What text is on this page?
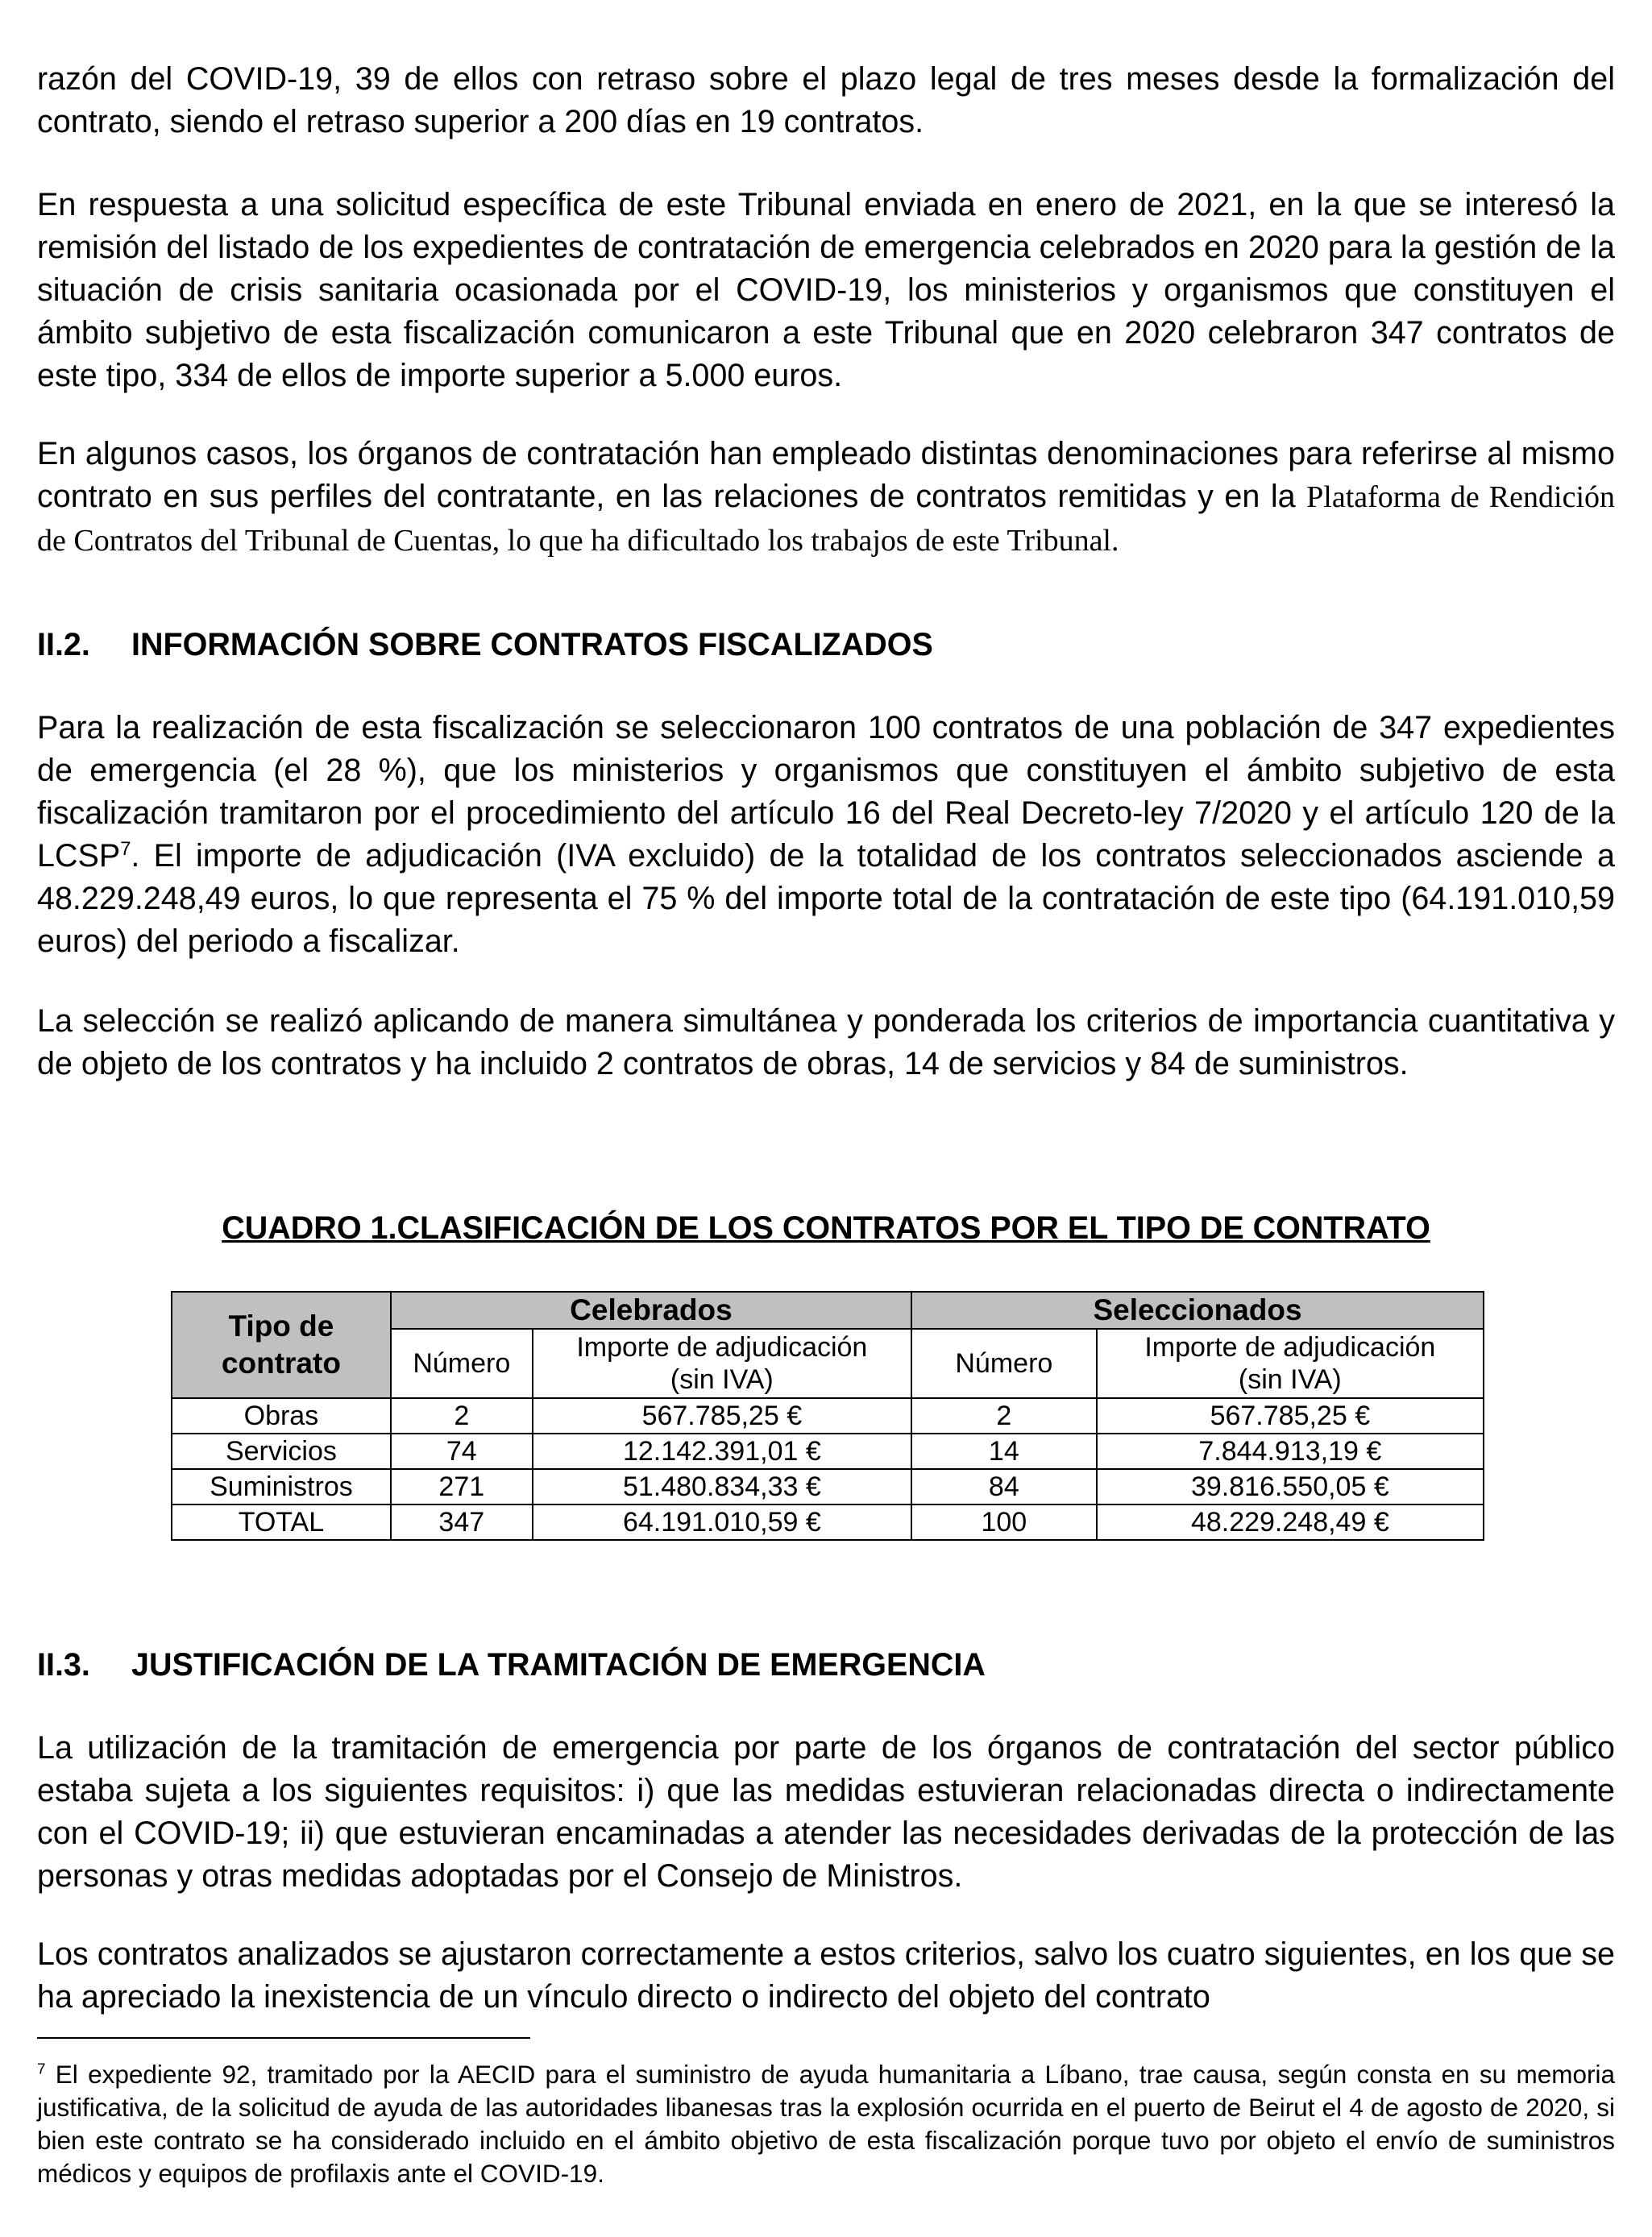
razón del COVID-19, 39 de ellos con retraso sobre el plazo legal de tres meses desde la formalización del contrato, siendo el retraso superior a 200 días en 19 contratos.

En respuesta a una solicitud específica de este Tribunal enviada en enero de 2021, en la que se interesó la remisión del listado de los expedientes de contratación de emergencia celebrados en 2020 para la gestión de la situación de crisis sanitaria ocasionada por el COVID-19, los ministerios y organismos que constituyen el ámbito subjetivo de esta fiscalización comunicaron a este Tribunal que en 2020 celebraron 347 contratos de este tipo, 334 de ellos de importe superior a 5.000 euros.

En algunos casos, los órganos de contratación han empleado distintas denominaciones para referirse al mismo contrato en sus perfiles del contratante, en las relaciones de contratos remitidas y en la Plataforma de Rendición de Contratos del Tribunal de Cuentas, lo que ha dificultado los trabajos de este Tribunal.

II.2. INFORMACIÓN SOBRE CONTRATOS FISCALIZADOS

Para la realización de esta fiscalización se seleccionaron 100 contratos de una población de 347 expedientes de emergencia (el 28 %), que los ministerios y organismos que constituyen el ámbito subjetivo de esta fiscalización tramitaron por el procedimiento del artículo 16 del Real Decreto-ley 7/2020 y el artículo 120 de la LCSP$^7$. El importe de adjudicación (IVA excluido) de la totalidad de los contratos seleccionados asciende a 48.229.248,49 euros, lo que representa el 75 % del importe total de la contratación de este tipo (64.191.010,59 euros) del periodo a fiscalizar.

La selección se realizó aplicando de manera simultánea y ponderada los criterios de importancia cuantitativa y de objeto de los contratos y ha incluido 2 contratos de obras, 14 de servicios y 84 de suministros.

CUADRO 1.CLASIFICACIÓN DE LOS CONTRATOS POR EL TIPO DE CONTRATO

Tipo de contrato	Celebrados		Seleccionados	
	Número	Importe de adjudicación (sin IVA)	Número	Importe de adjudicación (sin IVA)
Obras	2	567.785,25 €	2	567.785,25 €
Servicios	74	12.142.391,01 €	14	7.844.913,19 €
Suministros	271	51.480.834,33 €	84	39.816.550,05 €
TOTAL	347	64.191.010,59 €	100	48.229.248,49 €

II.3. JUSTIFICACIÓN DE LA TRAMITACIÓN DE EMERGENCIA

La utilización de la tramitación de emergencia por parte de los órganos de contratación del sector público estaba sujeta a los siguientes requisitos: i) que las medidas estuvieran relacionadas directa o indirectamente con el COVID-19; ii) que estuvieran encaminadas a atender las necesidades derivadas de la protección de las personas y otras medidas adoptadas por el Consejo de Ministros.

Los contratos analizados se ajustaron correctamente a estos criterios, salvo los cuatro siguientes, en los que se ha apreciado la inexistencia de un vínculo directo o indirecto del objeto del contrato

$^7$ El expediente 92, tramitado por la AECID para el suministro de ayuda humanitaria a Líbano, trae causa, según consta en su memoria justificativa, de la solicitud de ayuda de las autoridades libanesas tras la explosión ocurrida en el puerto de Beirut el 4 de agosto de 2020, si bien este contrato se ha considerado incluido en el ámbito objetivo de esta fiscalización porque tuvo por objeto el envío de suministros médicos y equipos de profilaxis ante el COVID-19.
